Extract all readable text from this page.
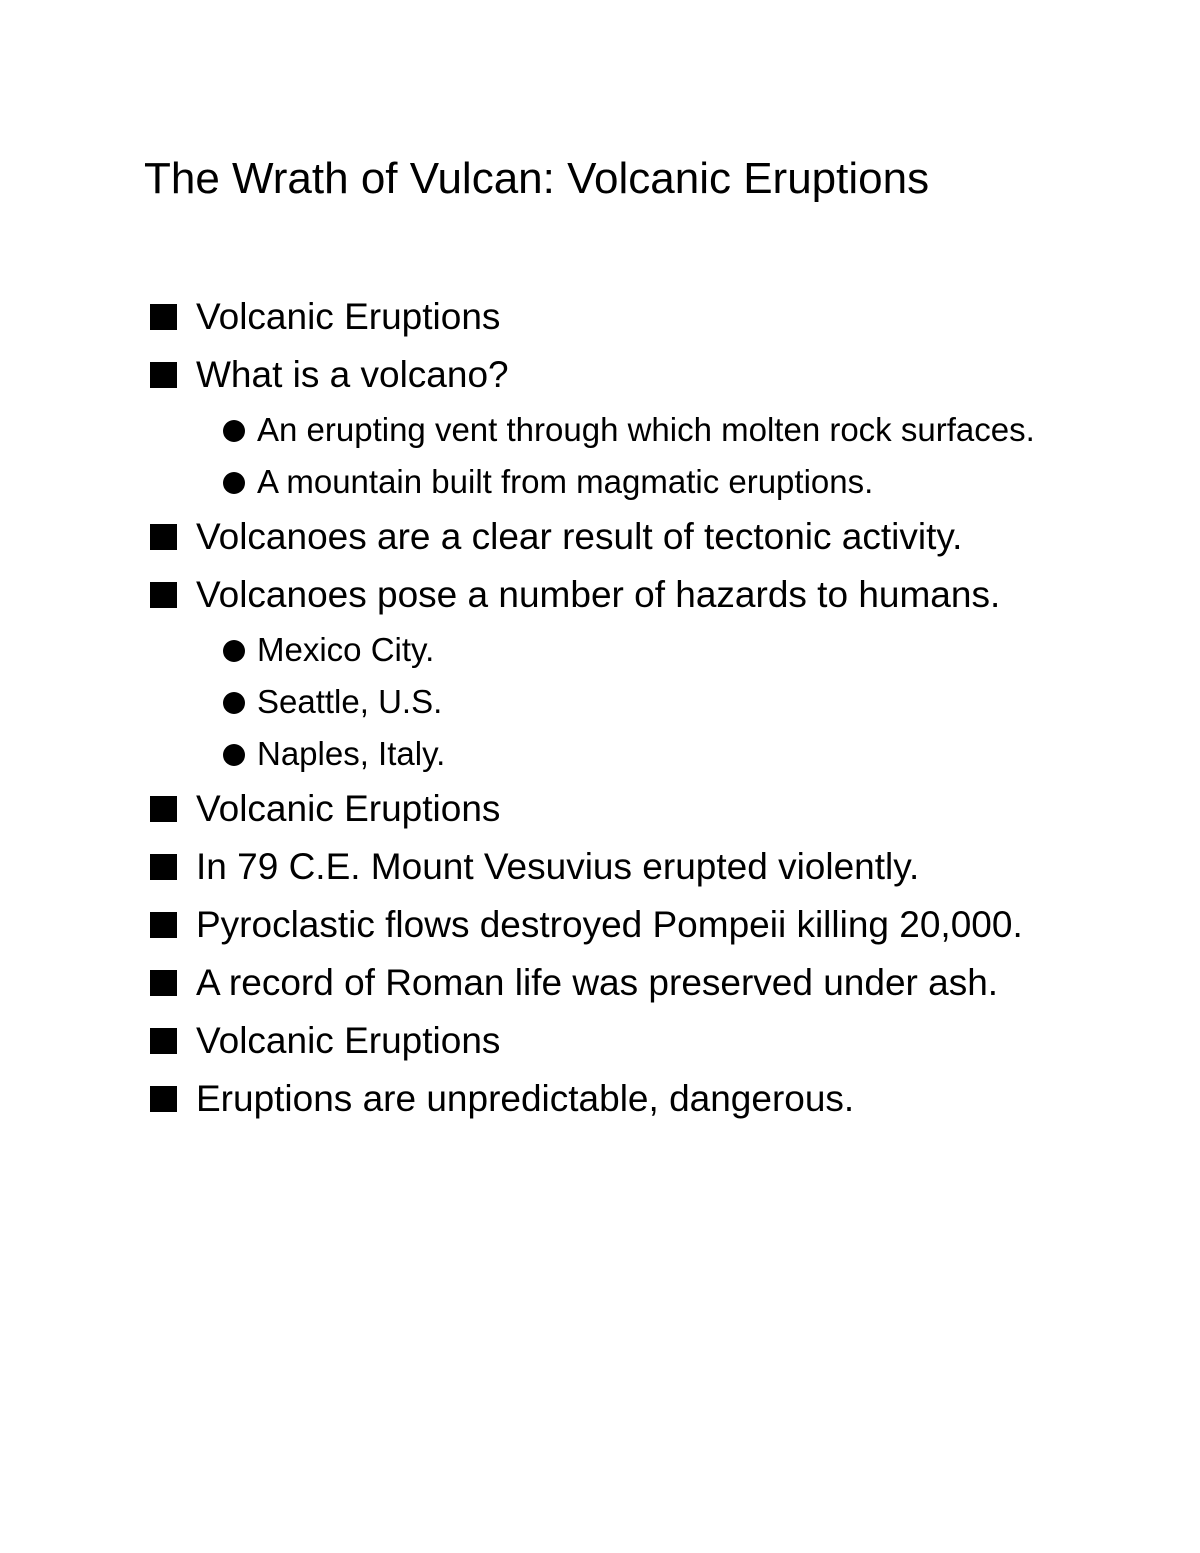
The Wrath of Vulcan: Volcanic Eruptions
Volcanic Eruptions
What is a volcano?
An erupting vent through which molten rock surfaces.
A mountain built from magmatic eruptions.
Volcanoes are a clear result of tectonic activity.
Volcanoes pose a number of hazards to humans.
Mexico City.
Seattle, U.S.
Naples, Italy.
Volcanic Eruptions
In 79 C.E. Mount Vesuvius erupted violently.
Pyroclastic flows destroyed Pompeii killing 20,000.
A record of Roman life was preserved under ash.
Volcanic Eruptions
Eruptions are unpredictable, dangerous.
